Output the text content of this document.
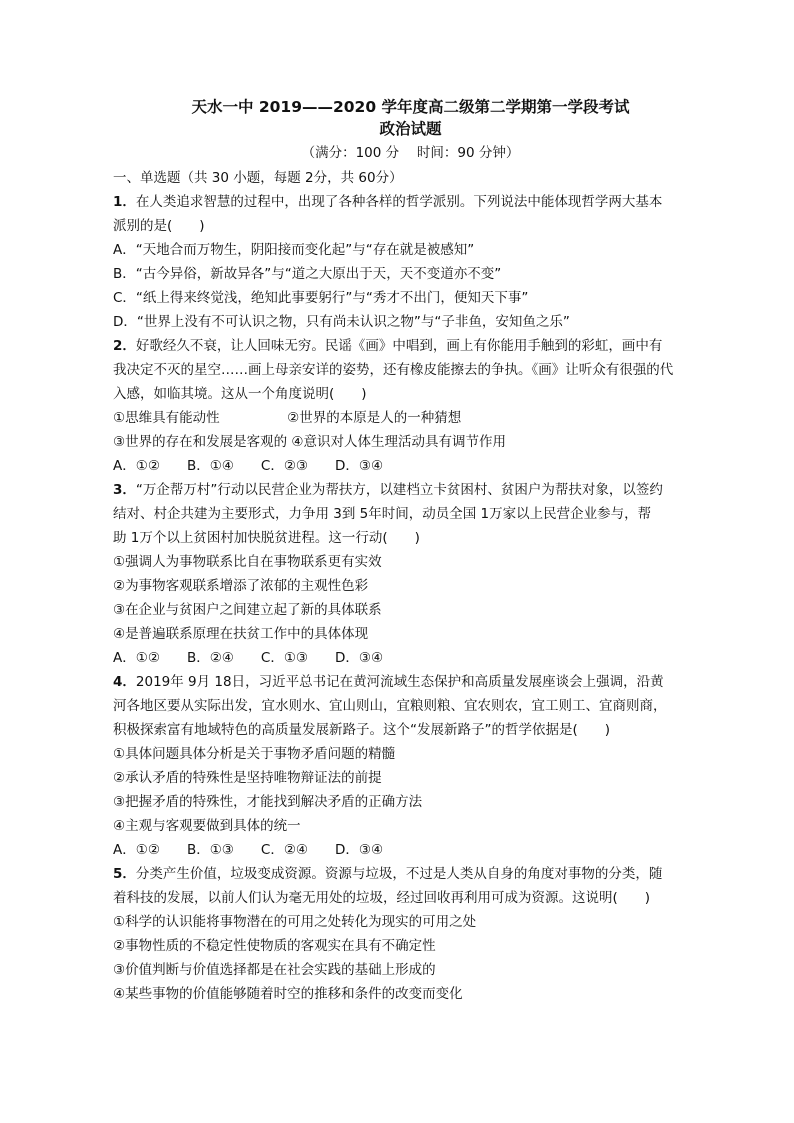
天水一中 2019——2020 学年度高二级第二学期第一学段考试
政治试题
（满分：100 分　 时间：90 分钟）
一、单选题（共 30 小题，每题 2分，共 60分）
1．在人类追求智慧的过程中，出现了各种各样的哲学派别。下列说法中能体现哲学两大基本
派别的是(　　)
A．“天地合而万物生，阴阳接而变化起”与“存在就是被感知”
B．“古今异俗，新故异各”与“道之大原出于天，天不变道亦不变”
C．“纸上得来终觉浅，绝知此事要躬行”与“秀才不出门，便知天下事”
D．“世界上没有不可认识之物，只有尚未认识之物”与“子非鱼，安知鱼之乐”
2．好歌经久不衰，让人回味无穷。民谣《画》中唱到，画上有你能用手触到的彩虹，画中有
我决定不灭的星空……画上母亲安详的姿势，还有橡皮能擦去的争执。《画》让听众有很强的代
入感，如临其境。这从一个角度说明(　　)
①思维具有能动性　　　　　②世界的本原是人的一种猜想
③世界的存在和发展是客观的 ④意识对人体生理活动具有调节作用
A．①②　　B．①④　　C．②③　　D．③④
3．“万企帮万村”行动以民营企业为帮扶方，以建档立卡贫困村、贫困户为帮扶对象，以签约
结对、村企共建为主要形式，力争用 3到 5年时间，动员全国 1万家以上民营企业参与，帮
助 1万个以上贫困村加快脱贫进程。这一行动(　　)
①强调人为事物联系比自在事物联系更有实效
②为事物客观联系增添了浓郁的主观性色彩
③在企业与贫困户之间建立起了新的具体联系
④是普遍联系原理在扶贫工作中的具体体现
A．①②　　B．②④　　C．①③　　D．③④
4．2019年 9月 18日，习近平总书记在黄河流域生态保护和高质量发展座谈会上强调，沿黄
河各地区要从实际出发，宜水则水、宜山则山，宜粮则粮、宜农则农，宜工则工、宜商则商，
积极探索富有地域特色的高质量发展新路子。这个“发展新路子”的哲学依据是(　　)
①具体问题具体分析是关于事物矛盾问题的精髓
②承认矛盾的特殊性是坚持唯物辩证法的前提
③把握矛盾的特殊性，才能找到解决矛盾的正确方法
④主观与客观要做到具体的统一
A．①②　　B．①③　　C．②④　　D．③④
5．分类产生价值，垃圾变成资源。资源与垃圾，不过是人类从自身的角度对事物的分类，随
着科技的发展，以前人们认为毫无用处的垃圾，经过回收再利用可成为资源。这说明(　　)
①科学的认识能将事物潜在的可用之处转化为现实的可用之处
②事物性质的不稳定性使物质的客观实在具有不确定性
③价值判断与价值选择都是在社会实践的基础上形成的
④某些事物的价值能够随着时空的推移和条件的改变而变化
